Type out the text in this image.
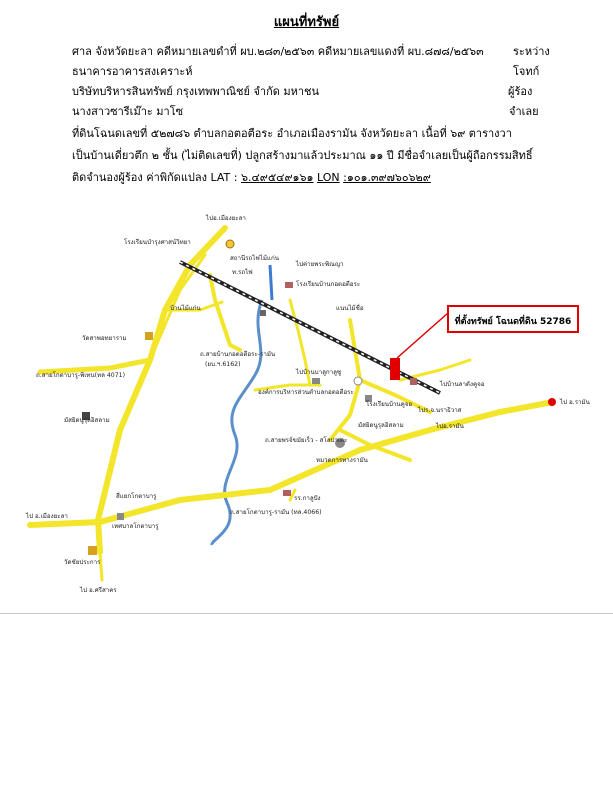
แผนที่ทรัพย์
ศาล จังหวัดยะลา คดีหมายเลขดำที่ ผบ.๒๘๓/๒๕๖๓ คดีหมายเลขแดงที่ ผบ.๘๗๘/๒๕๖๓	ระหว่าง
ธนาคารอาคารสงเคราะห์	โจทก์
บริษัทบริหารสินทรัพย์ กรุงเทพพาณิชย์ จำกัด มหาชน	ผู้ร้อง
นางสาวซารีเม๊าะ มาโซ	จำเลย
ที่ดินโฉนดเลขที่ ๕๒๗๘๖ ตำบลกอตอตือระ อำเภอเมืองรามัน จังหวัดยะลา เนื้อที่ ๖๙ ตารางวา
เป็นบ้านเดี่ยวตึก ๒ ชั้น (ไม่ติดเลขที่) ปลูกสร้างมาแล้วประมาณ ๑๑ ปี มีชื่อจำเลยเป็นผู้ถือกรรมสิทธิ์
ติดจำนองผู้ร้อง ค่าพิกัดแปลง LAT : ๖.๔๙๕๔๙๑๖๑ LON :๑๐๑.๓๙๗๖๐๖๒๙
ที่ตั้งทรัพย์ โฉนดที่ดิน 52786
ไปอ.เมืองยะลา
โรงเรียนบำรุงศาสน์วิทยา
สถานีรถไฟไม้แก่น
ท.รถไฟ
ไปค่ายพระพิณญา
โรงเรียนบ้านกอตอตือระ
บ้านไม้แก่น	แนนไม้ชื่อ
วัดสาพอทยาราม
ถ.สายบ้านกอตอตือระ-รามัน
(ยบ.ฯ.6162)
ถ.สายโกตาบารู-พิเทน(ทล 4071)	ไปบ้านบาลูกาลูซู
องค์การบริหารส่วนตำบลกอตอตือระ
ไปบ้านลาดังคูจอ
โรงเรียนบ้านคูจอ
ไปร.จ.นราธิวาส
มัสยิดนูรุลอิสลาม
มัสยิดนูรุลอิสลาม	ไปอ.รามัน
ถ.สายพรจ์ขมัยเร็ว - สโลปาเตะ
ไป อ.รามัน
หมวดการทางรามัน
สี่แยกโกตาบารู	รร.กาลูปัง
ถ.สายโกตาบารู-รามัน (ทล.4066)
ไป อ.เมืองยะลา
เทศบาลโกตาบารู
วัดชัยประการ
ไป อ.ศรีสาคร
